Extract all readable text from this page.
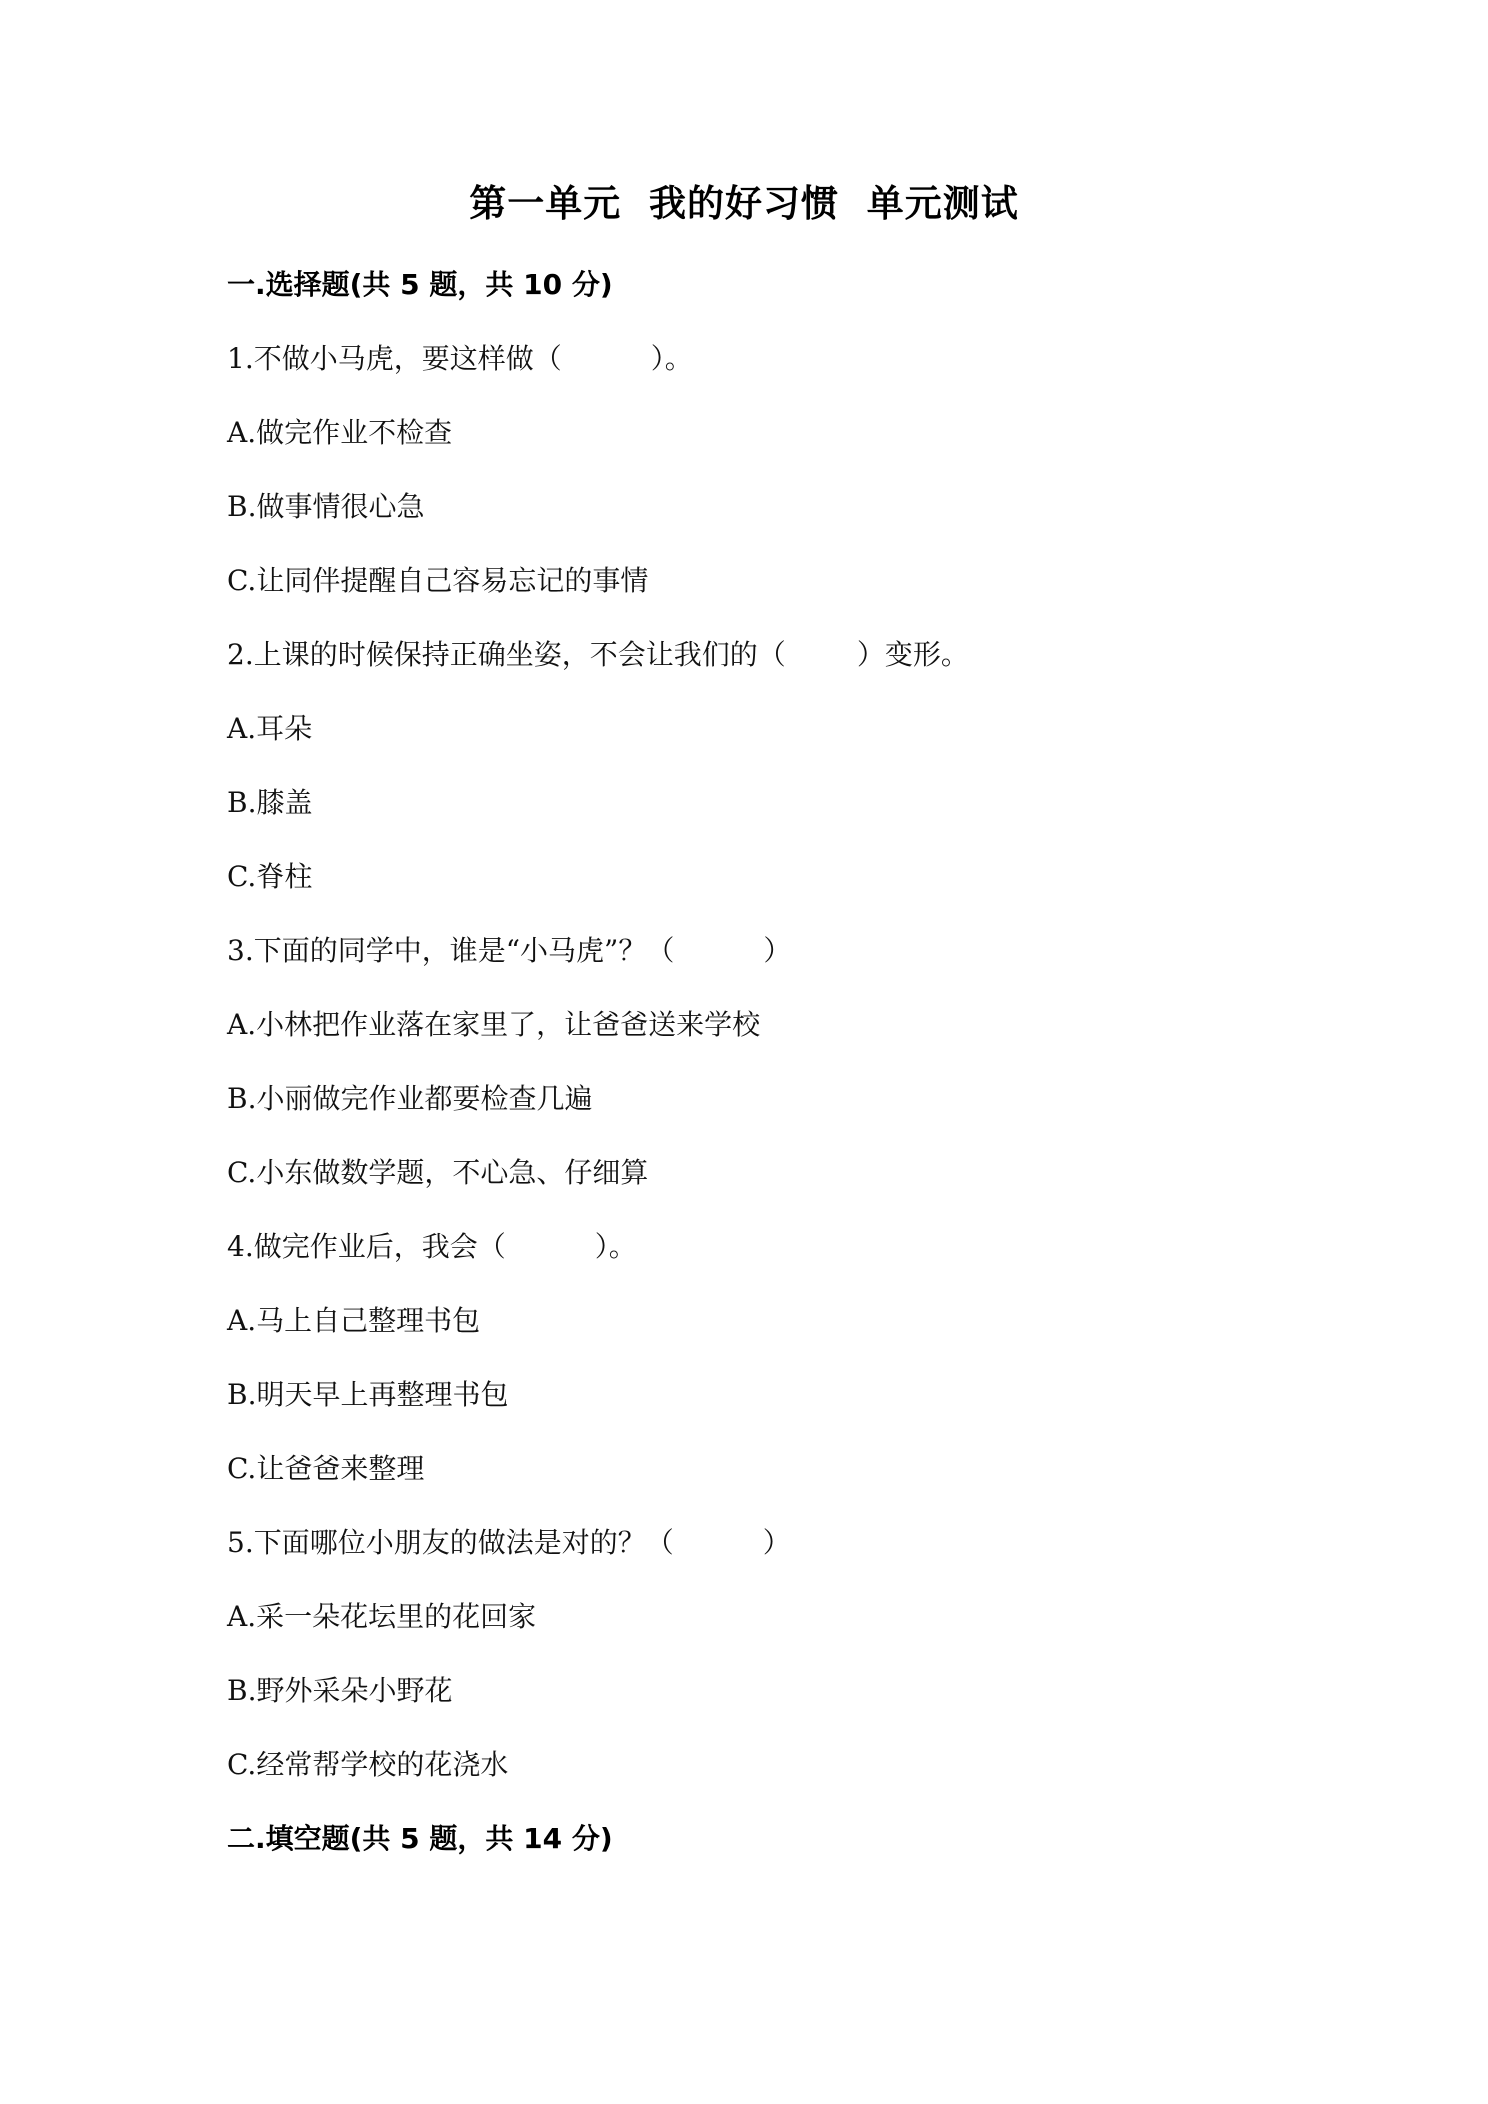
第一单元  我的好习惯  单元测试
一.选择题(共 5 题，共 10 分)
1.不做小马虎，要这样做（          ）。
A.做完作业不检查
B.做事情很心急
C.让同伴提醒自己容易忘记的事情
2.上课的时候保持正确坐姿，不会让我们的（        ）变形。
A.耳朵
B.膝盖
C.脊柱
3.下面的同学中，谁是“小马虎”？（          ）
A.小林把作业落在家里了，让爸爸送来学校
B.小丽做完作业都要检查几遍
C.小东做数学题，不心急、仔细算
4.做完作业后，我会（          ）。
A.马上自己整理书包
B.明天早上再整理书包
C.让爸爸来整理
5.下面哪位小朋友的做法是对的？（          ）
A.采一朵花坛里的花回家
B.野外采朵小野花
C.经常帮学校的花浇水
二.填空题(共 5 题，共 14 分)
